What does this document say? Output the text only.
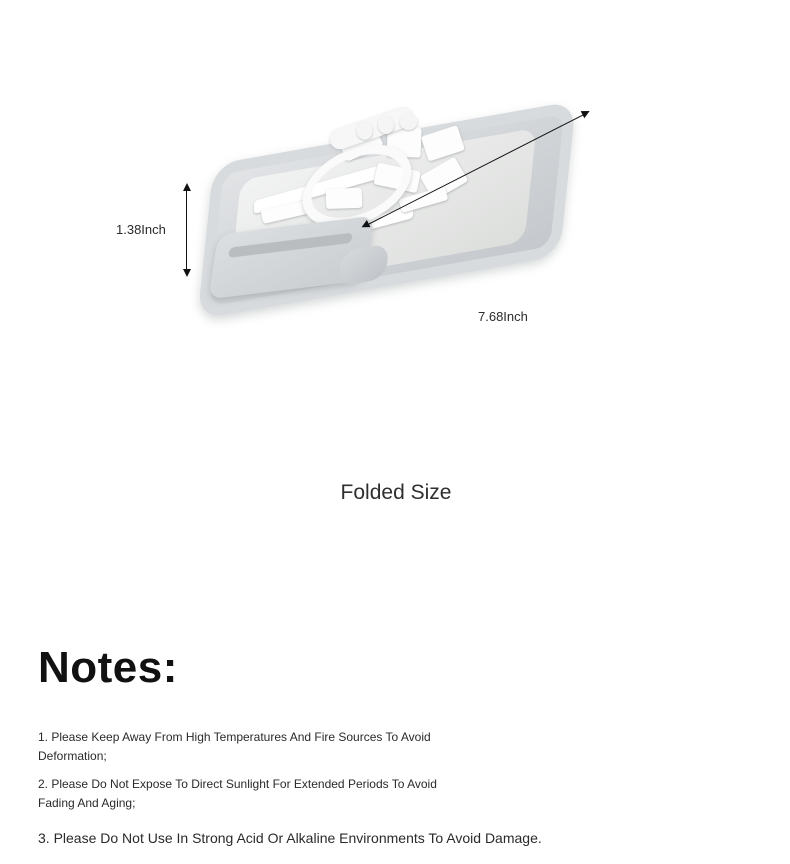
1.38Inch
7.68Inch
Folded Size
Notes:
1. Please Keep Away From High Temperatures And Fire Sources To Avoid Deformation;
2. Please Do Not Expose To Direct Sunlight For Extended Periods To Avoid Fading And Aging;
3. Please Do Not Use In Strong Acid Or Alkaline Environments To Avoid Damage.
